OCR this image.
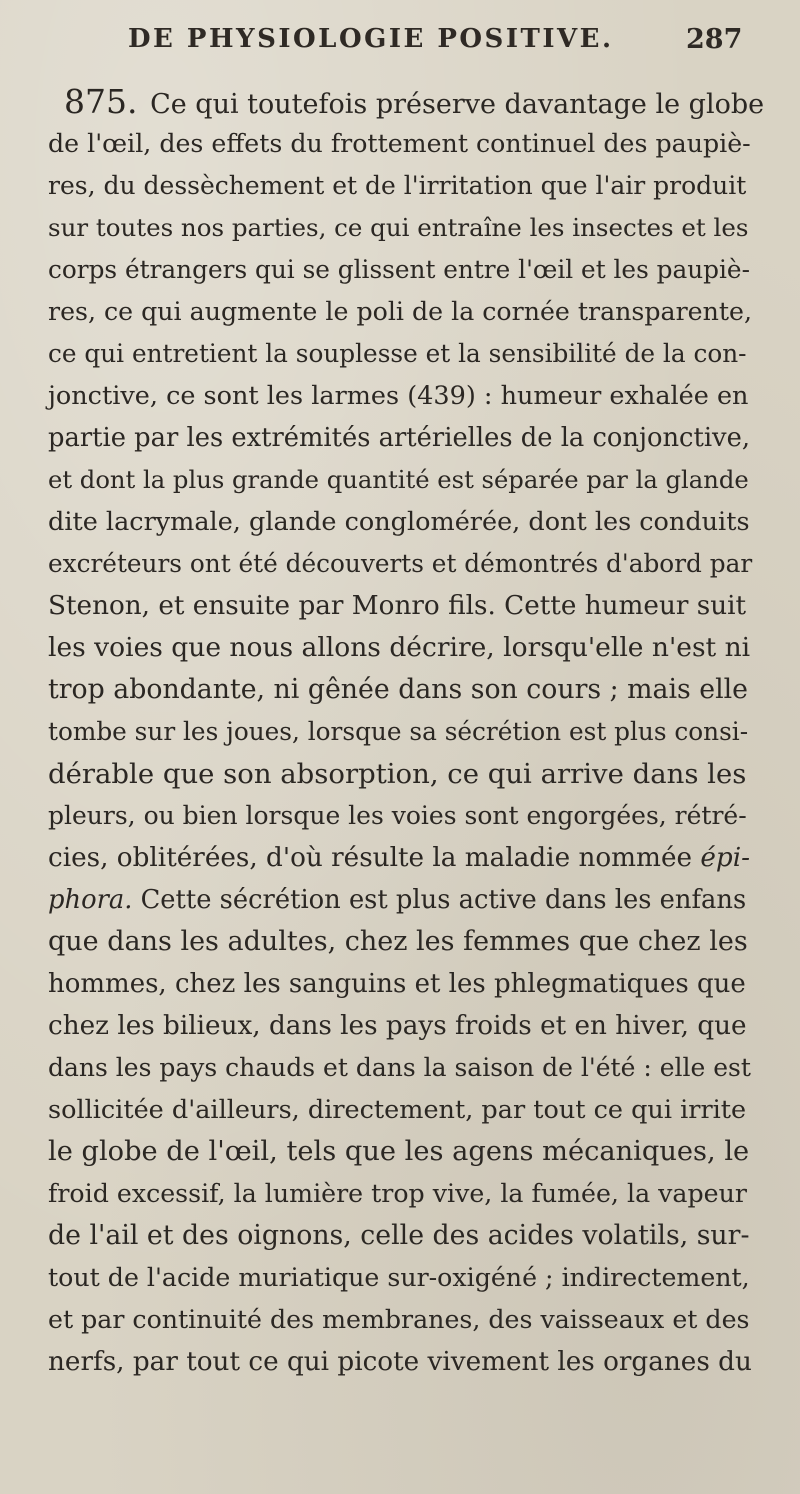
DE PHYSIOLOGIE POSITIVE.	287
875. Ce qui toutefois préserve davantage le globe
de l'œil, des effets du frottement continuel des paupiè-
res, du dessèchement et de l'irritation que l'air produit
sur toutes nos parties, ce qui entraîne les insectes et les
corps étrangers qui se glissent entre l'œil et les paupiè-
res, ce qui augmente le poli de la cornée transparente,
ce qui entretient la souplesse et la sensibilité de la con-
jonctive, ce sont les larmes (439) : humeur exhalée en
partie par les extrémités artérielles de la conjonctive,
et dont la plus grande quantité est séparée par la glande
dite lacrymale, glande conglomérée, dont les conduits
excréteurs ont été découverts et démontrés d'abord par
Stenon, et ensuite par Monro fils. Cette humeur suit
les voies que nous allons décrire, lorsqu'elle n'est ni
trop abondante, ni gênée dans son cours ; mais elle
tombe sur les joues, lorsque sa sécrétion est plus consi-
dérable que son absorption, ce qui arrive dans les
pleurs, ou bien lorsque les voies sont engorgées, rétré-
cies, oblitérées, d'où résulte la maladie nommée épi-
phora. Cette sécrétion est plus active dans les enfans
que dans les adultes, chez les femmes que chez les
hommes, chez les sanguins et les phlegmatiques que
chez les bilieux, dans les pays froids et en hiver, que
dans les pays chauds et dans la saison de l'été : elle est
sollicitée d'ailleurs, directement, par tout ce qui irrite
le globe de l'œil, tels que les agens mécaniques, le
froid excessif, la lumière trop vive, la fumée, la vapeur
de l'ail et des oignons, celle des acides volatils, sur-
tout de l'acide muriatique sur-oxigéné ; indirectement,
et par continuité des membranes, des vaisseaux et des
nerfs, par tout ce qui picote vivement les organes du
